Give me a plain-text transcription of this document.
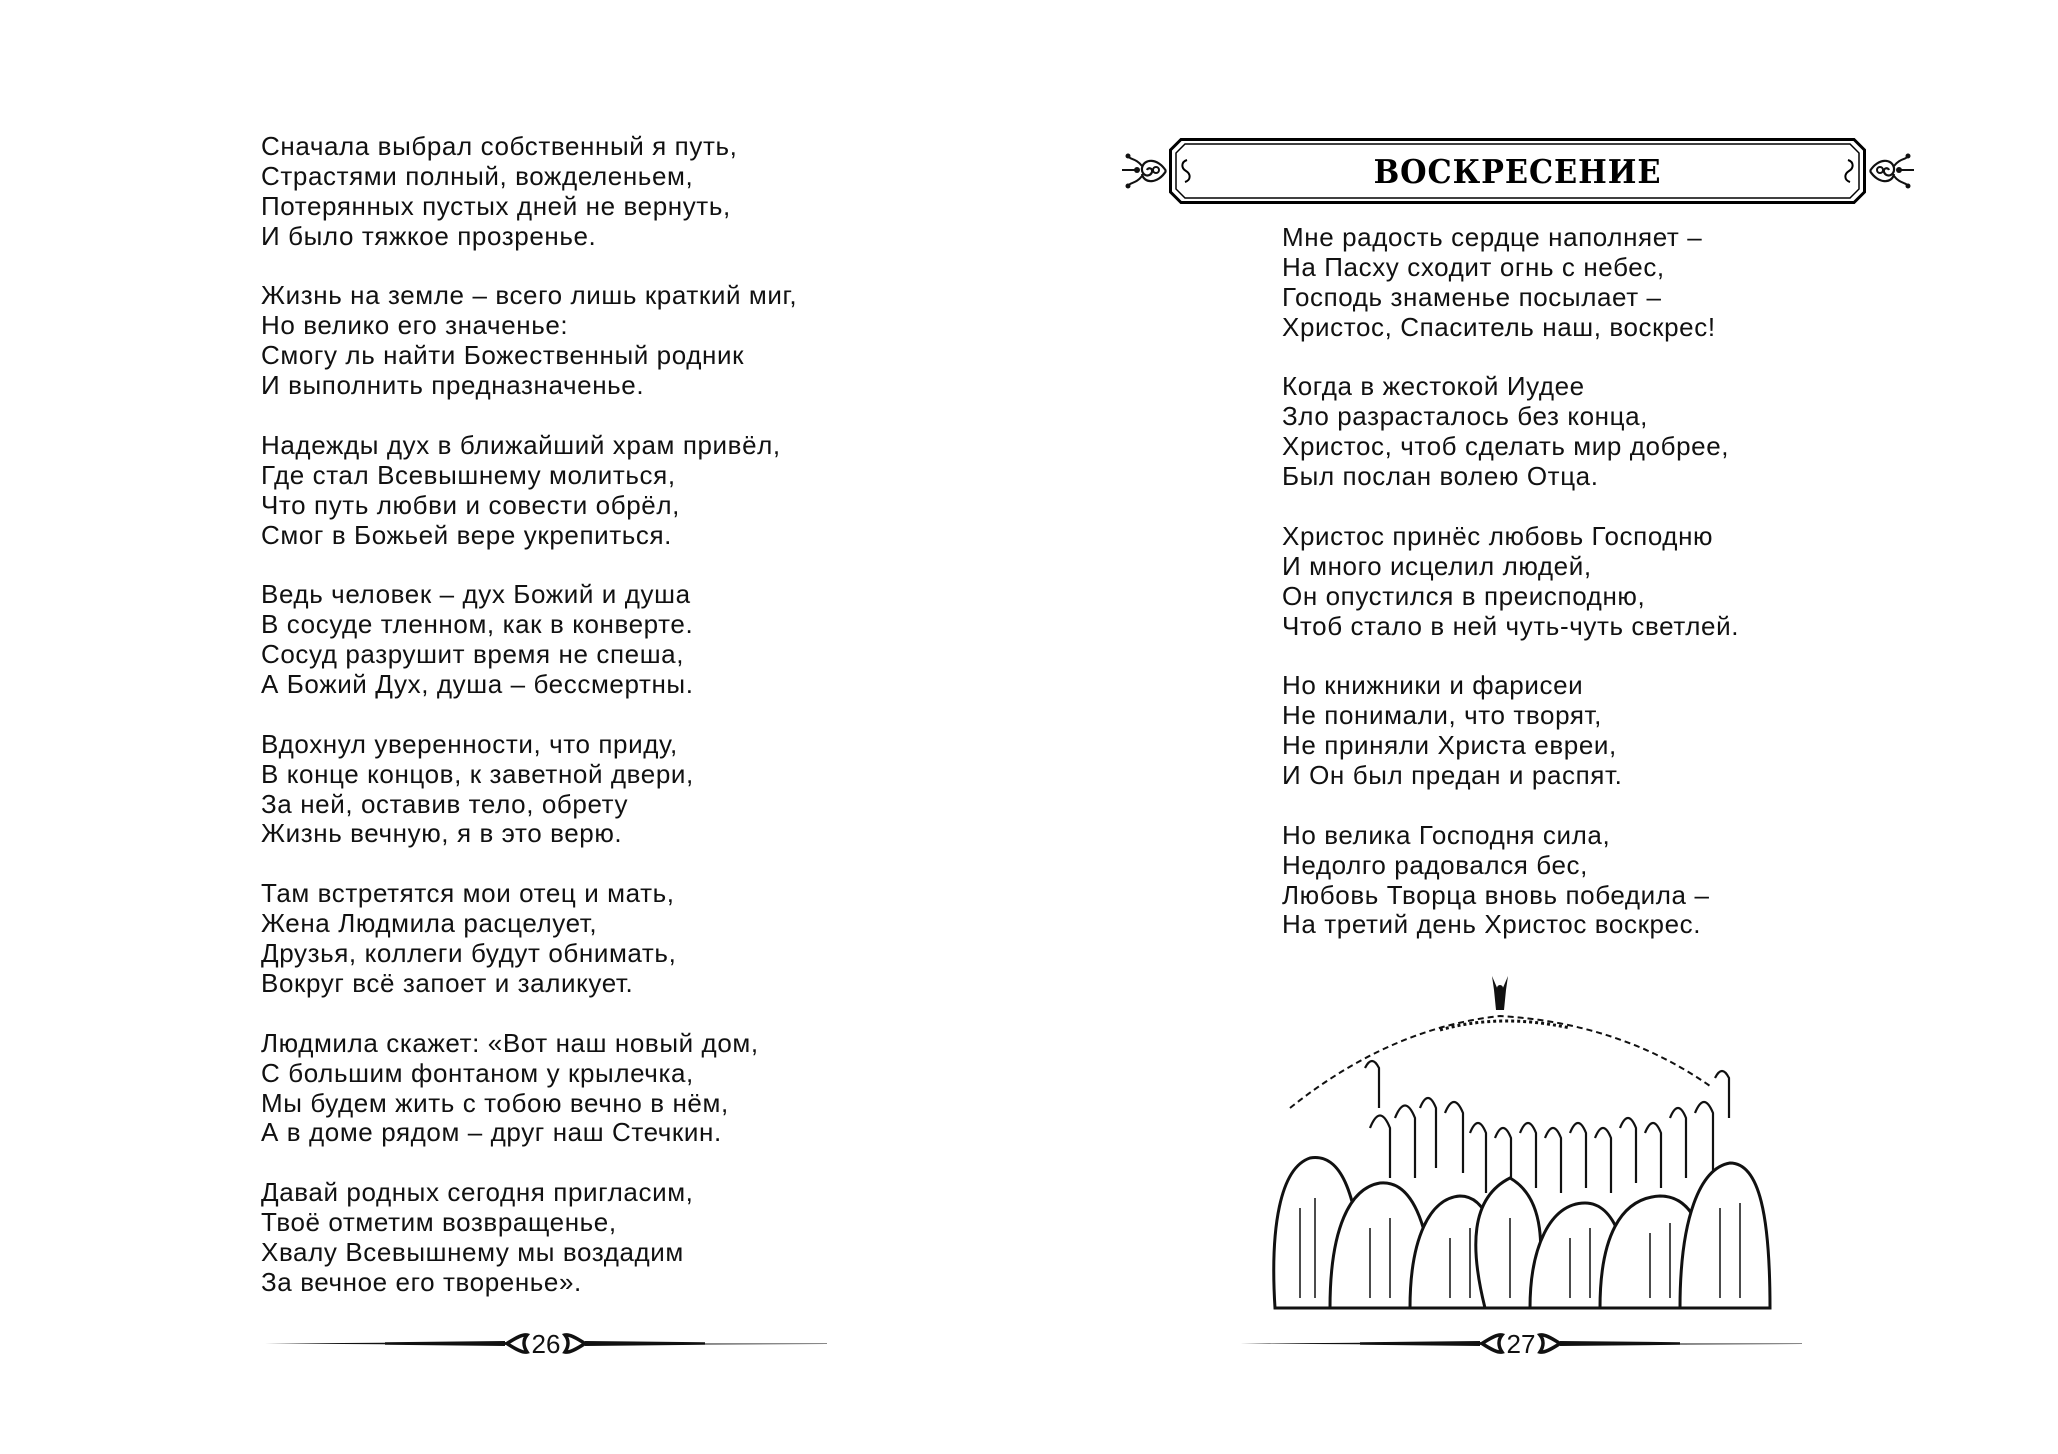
Сначала выбрал собственный я путь,
Страстями полный, вожделеньем,
Потерянных пустых дней не вернуть,
И было тяжкое прозренье.
Жизнь на земле – всего лишь краткий миг,
Но велико его значенье:
Смогу ль найти Божественный родник
И выполнить предназначенье.
Надежды дух в ближайший храм привёл,
Где стал Всевышнему молиться,
Что путь любви и совести обрёл,
Смог в Божьей вере укрепиться.
Ведь человек – дух Божий и душа
В сосуде тленном, как в конверте.
Сосуд разрушит время не спеша,
А Божий Дух, душа – бессмертны.
Вдохнул уверенности, что приду,
В конце концов, к заветной двери,
За ней, оставив тело, обрету
Жизнь вечную, я в это верю.
Там встретятся мои отец и мать,
Жена Людмила расцелует,
Друзья, коллеги будут обнимать,
Вокруг всё запоет и заликует.
Людмила скажет: «Вот наш новый дом,
С большим фонтаном у крылечка,
Мы будем жить с тобою вечно в нём,
А в доме рядом – друг наш Стечкин.
Давай родных сегодня пригласим,
Твоё отметим возвращенье,
Хвалу Всевышнему мы воздадим
За вечное его творенье».
26
ВОСКРЕСЕНИЕ
Мне радость сердце наполняет –
На Пасху сходит огнь с небес,
Господь знаменье посылает –
Христос, Спаситель наш, воскрес!
Когда в жестокой Иудее
Зло разрасталось без конца,
Христос, чтоб сделать мир добрее,
Был послан волею Отца.
Христос принёс любовь Господню
И много исцелил людей,
Он опустился в преисподню,
Чтоб стало в ней чуть-чуть светлей.
Но книжники и фарисеи
Не понимали, что творят,
Не приняли Христа евреи,
И Он был предан и распят.
Но велика Господня сила,
Недолго радовался бес,
Любовь Творца вновь победила –
На третий день Христос воскрес.
27
